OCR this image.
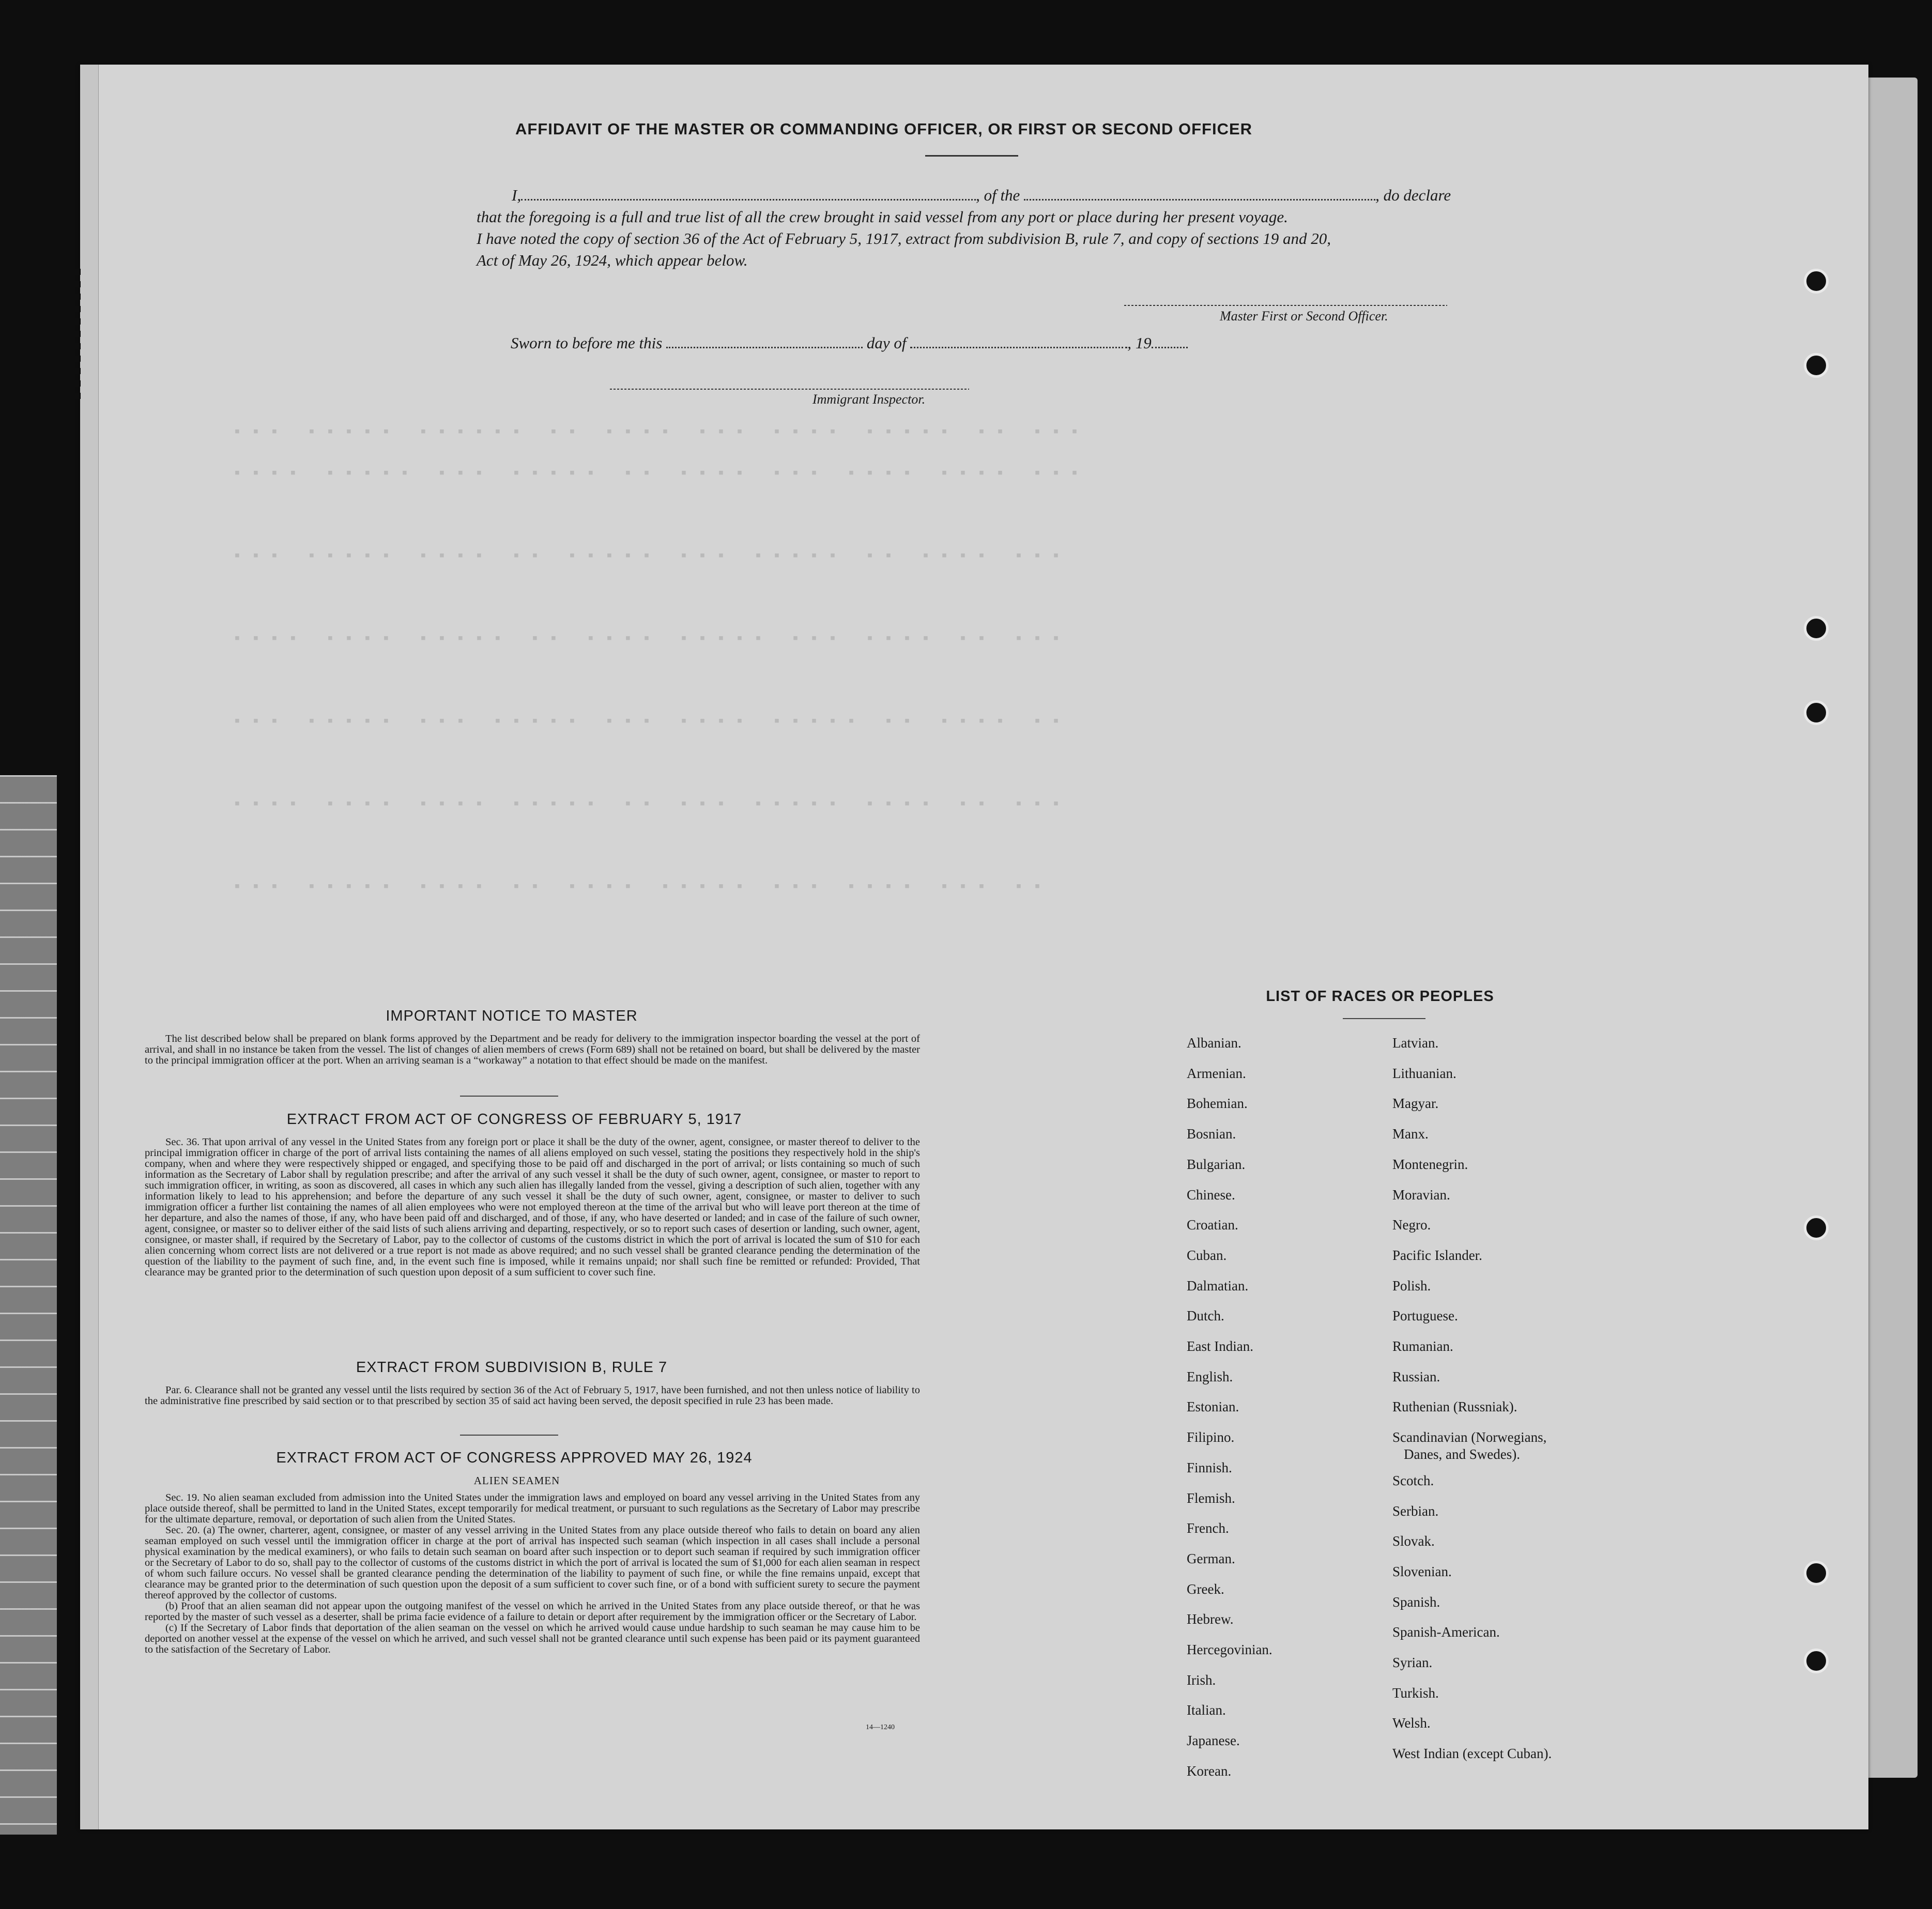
▪▪▪ ▪▪▪▪▪ ▪▪▪▪▪▪ ▪▪ ▪▪▪▪ ▪▪▪ ▪▪▪▪ ▪▪▪▪▪ ▪▪ ▪▪▪
▪▪▪▪ ▪▪▪▪▪ ▪▪▪ ▪▪▪▪▪ ▪▪ ▪▪▪▪ ▪▪▪ ▪▪▪▪ ▪▪▪▪ ▪▪▪
▪▪▪ ▪▪▪▪▪ ▪▪▪▪ ▪▪ ▪▪▪▪▪ ▪▪▪ ▪▪▪▪▪ ▪▪ ▪▪▪▪ ▪▪▪
▪▪▪▪ ▪▪▪▪ ▪▪▪▪▪ ▪▪ ▪▪▪▪ ▪▪▪▪▪ ▪▪▪ ▪▪▪▪ ▪▪ ▪▪▪
▪▪▪ ▪▪▪▪▪ ▪▪▪ ▪▪▪▪▪ ▪▪▪ ▪▪▪▪ ▪▪▪▪▪ ▪▪ ▪▪▪▪ ▪▪
▪▪▪▪ ▪▪▪▪ ▪▪▪▪ ▪▪▪▪▪ ▪▪ ▪▪▪ ▪▪▪▪▪ ▪▪▪▪ ▪▪ ▪▪▪
▪▪▪ ▪▪▪▪▪ ▪▪▪▪ ▪▪ ▪▪▪▪ ▪▪▪▪▪ ▪▪▪ ▪▪▪▪ ▪▪▪ ▪▪
AFFIDAVIT OF THE MASTER OR COMMANDING OFFICER, OR FIRST OR SECOND OFFICER
I,	, of the	, do declare
that the foregoing is a full and true list of all the crew brought in said vessel from any port or place during her present voyage.
I have noted the copy of section 36 of the Act of February 5, 1917, extract from subdivision B, rule 7, and copy of sections 19 and 20,
Act of May 26, 1924, which appear below.
Master First or Second Officer.
Sworn to before me this	day of	, 19
Immigrant Inspector.
IMPORTANT NOTICE TO MASTER
The list described below shall be prepared on blank forms approved by the Department and be ready for delivery to the immigration inspector boarding the vessel at the port of arrival, and shall in no instance be taken from the vessel. The list of changes of alien members of crews (Form 689) shall not be retained on board, but shall be delivered by the master to the principal immigration officer at the port. When an arriving seaman is a “workaway” a notation to that effect should be made on the manifest.
EXTRACT FROM ACT OF CONGRESS OF FEBRUARY 5, 1917
Sec. 36. That upon arrival of any vessel in the United States from any foreign port or place it shall be the duty of the owner, agent, consignee, or master thereof to deliver to the principal immigration officer in charge of the port of arrival lists containing the names of all aliens employed on such vessel, stating the positions they respectively hold in the ship's company, when and where they were respectively shipped or engaged, and specifying those to be paid off and discharged in the port of arrival; or lists containing so much of such information as the Secretary of Labor shall by regulation prescribe; and after the arrival of any such vessel it shall be the duty of such owner, agent, consignee, or master to report to such immigration officer, in writing, as soon as discovered, all cases in which any such alien has illegally landed from the vessel, giving a description of such alien, together with any information likely to lead to his apprehension; and before the departure of any such vessel it shall be the duty of such owner, agent, consignee, or master to deliver to such immigration officer a further list containing the names of all alien employees who were not employed thereon at the time of the arrival but who will leave port thereon at the time of her departure, and also the names of those, if any, who have been paid off and discharged, and of those, if any, who have deserted or landed; and in case of the failure of such owner, agent, consignee, or master so to deliver either of the said lists of such aliens arriving and departing, respectively, or so to report such cases of desertion or landing, such owner, agent, consignee, or master shall, if required by the Secretary of Labor, pay to the collector of customs of the customs district in which the port of arrival is located the sum of $10 for each alien concerning whom correct lists are not delivered or a true report is not made as above required; and no such vessel shall be granted clearance pending the determination of the question of the liability to the payment of such fine, and, in the event such fine is imposed, while it remains unpaid; nor shall such fine be remitted or refunded: Provided, That clearance may be granted prior to the determination of such question upon deposit of a sum sufficient to cover such fine.
EXTRACT FROM SUBDIVISION B, RULE 7
Par. 6. Clearance shall not be granted any vessel until the lists required by section 36 of the Act of February 5, 1917, have been furnished, and not then unless notice of liability to the administrative fine prescribed by said section or to that prescribed by section 35 of said act having been served, the deposit specified in rule 23 has been made.
EXTRACT FROM ACT OF CONGRESS APPROVED MAY 26, 1924
ALIEN SEAMEN

Sec. 19. No alien seaman excluded from admission into the United States under the immigration laws and employed on board any vessel arriving in the United States from any place outside thereof, shall be permitted to land in the United States, except temporarily for medical treatment, or pursuant to such regulations as the Secretary of Labor may prescribe for the ultimate departure, removal, or deportation of such alien from the United States.

Sec. 20. (a) The owner, charterer, agent, consignee, or master of any vessel arriving in the United States from any place outside thereof who fails to detain on board any alien seaman employed on such vessel until the immigration officer in charge at the port of arrival has inspected such seaman (which inspection in all cases shall include a personal physical examination by the medical examiners), or who fails to detain such seaman on board after such inspection or to deport such seaman if required by such immigration officer or the Secretary of Labor to do so, shall pay to the collector of customs of the customs district in which the port of arrival is located the sum of $1,000 for each alien seaman in respect of whom such failure occurs. No vessel shall be granted clearance pending the determination of the liability to payment of such fine, or while the fine remains unpaid, except that clearance may be granted prior to the determination of such question upon the deposit of a sum sufficient to cover such fine, or of a bond with sufficient surety to secure the payment thereof approved by the collector of customs.

(b) Proof that an alien seaman did not appear upon the outgoing manifest of the vessel on which he arrived in the United States from any place outside thereof, or that he was reported by the master of such vessel as a deserter, shall be prima facie evidence of a failure to detain or deport after requirement by the immigration officer or the Secretary of Labor.

(c) If the Secretary of Labor finds that deportation of the alien seaman on the vessel on which he arrived would cause undue hardship to such seaman he may cause him to be deported on another vessel at the expense of the vessel on which he arrived, and such vessel shall not be granted clearance until such expense has been paid or its payment guaranteed to the satisfaction of the Secretary of Labor.

14—1240
LIST OF RACES OR PEOPLES
Albanian.
Armenian.
Bohemian.
Bosnian.
Bulgarian.
Chinese.
Croatian.
Cuban.
Dalmatian.
Dutch.
East Indian.
English.
Estonian.
Filipino.
Finnish.
Flemish.
French.
German.
Greek.
Hebrew.
Hercegovinian.
Irish.
Italian.
Japanese.
Korean.
Latvian.
Lithuanian.
Magyar.
Manx.
Montenegrin.
Moravian.
Negro.
Pacific Islander.
Polish.
Portuguese.
Rumanian.
Russian.
Ruthenian (Russniak).
Scandinavian (Norwegians,
Danes, and Swedes).
Scotch.
Serbian.
Slovak.
Slovenian.
Spanish.
Spanish-American.
Syrian.
Turkish.
Welsh.
West Indian (except Cuban).
